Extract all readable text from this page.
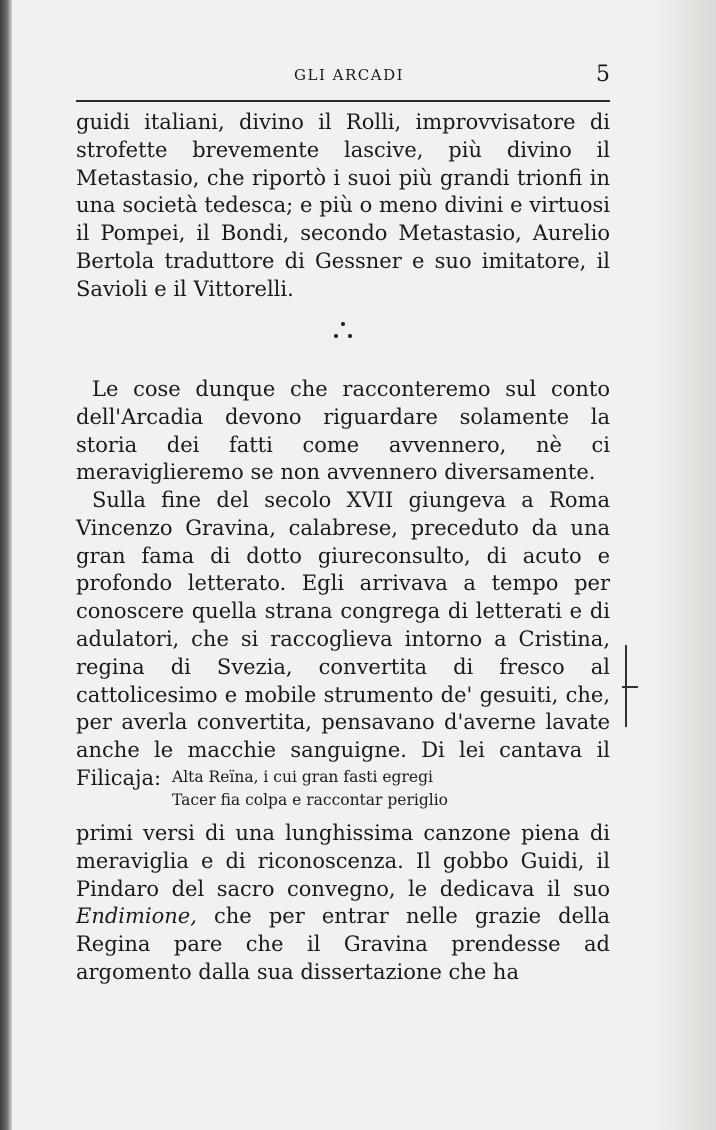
GLI ARCADI	5

guidi italiani, divino il Rolli, improvvisatore di strofette brevemente lascive, più divino il Metastasio, che riportò i suoi più grandi trionfi in una società tedesca; e più o meno divini e virtuosi il Pompei, il Bondi, secondo Metastasio, Aurelio Bertola traduttore di Gessner e suo imitatore, il Savioli e il Vittorelli.

Le cose dunque che racconteremo sul conto dell'Arcadia devono riguardare solamente la storia dei fatti come avvennero, nè ci meraviglieremo se non avvennero diversamente.

Sulla fine del secolo XVII giungeva a Roma Vincenzo Gravina, calabrese, preceduto da una gran fama di dotto giureconsulto, di acuto e profondo letterato. Egli arrivava a tempo per conoscere quella strana congrega di letterati e di adulatori, che si raccoglieva intorno a Cristina, regina di Svezia, convertita di fresco al cattolicesimo e mobile strumento de' gesuiti, che, per averla convertita, pensavano d'averne lavate anche le macchie sanguigne. Di lei cantava il Filicaja: Alta Reïna, i cui gran fasti egregi
Tacer fia colpa e raccontar periglio

primi versi di una lunghissima canzone piena di meraviglia e di riconoscenza. Il gobbo Guidi, il Pindaro del sacro convegno, le dedicava il suo Endimione, che per entrar nelle grazie della Regina pare che il Gravina prendesse ad argomento dalla sua dissertazione che ha
